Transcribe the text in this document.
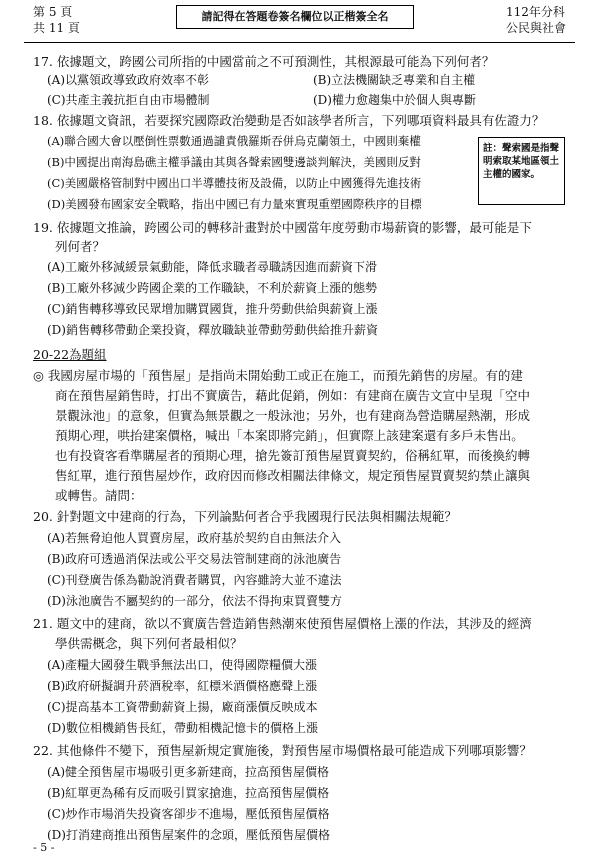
第 5 頁
共 11 頁
請記得在答題卷簽名欄位以正楷簽全名	112年分科
公民與社會
17. 依據題文，跨國公司所指的中國當前之不可預測性，其根源最可能為下列何者？
(A)以黨領政導致政府效率不彰	(B)立法機關缺乏專業和自主權
(C)共產主義抗拒自由市場體制	(D)權力愈趨集中於個人與專斷
18. 依據題文資訊，若要探究國際政治變動是否如該學者所言，下列哪項資料最具有佐證力？
(A)聯合國大會以壓倒性票數通過譴責俄羅斯吞併烏克蘭領土，中國則棄權
(B)中國提出南海島礁主權爭議由其與各聲索國雙邊談判解決，美國則反對
(C)美國嚴格管制對中國出口半導體技術及設備，以防止中國獲得先進技術
(D)美國發布國家安全戰略，指出中國已有力量來實現重塑國際秩序的目標
註：聲索國是指聲明索取某地區領土主權的國家。
19. 依據題文推論，跨國公司的轉移計畫對於中國當年度勞動市場薪資的影響，最可能是下
列何者？
(A)工廠外移減緩景氣動能，降低求職者尋職誘因進而薪資下滑
(B)工廠外移減少跨國企業的工作職缺，不利於薪資上漲的態勢
(C)銷售轉移導致民眾增加購買國貨，推升勞動供給與薪資上漲
(D)銷售轉移帶動企業投資，釋放職缺並帶動勞動供給推升薪資
20-22為題組
◎ 我國房屋市場的「預售屋」是指尚未開始動工或正在施工，而預先銷售的房屋。有的建
商在預售屋銷售時，打出不實廣告，藉此促銷，例如：有建商在廣告文宣中呈現「空中
景觀泳池」的意象，但實為無景觀之一般泳池；另外，也有建商為營造購屋熱潮，形成
預期心理，哄抬建案價格，喊出「本案即將完銷」，但實際上該建案還有多戶未售出。
也有投資客看準購屋者的預期心理，搶先簽訂預售屋買賣契約，俗稱紅單，而後換約轉
售紅單，進行預售屋炒作，政府因而修改相關法律條文，規定預售屋買賣契約禁止讓與
或轉售。請問：
20. 針對題文中建商的行為，下列論點何者合乎我國現行民法與相關法規範？
(A)若無脅迫他人買賣房屋，政府基於契約自由無法介入
(B)政府可透過消保法或公平交易法管制建商的泳池廣告
(C)刊登廣告係為勸說消費者購買，內容雖誇大並不違法
(D)泳池廣告不屬契約的一部分，依法不得拘束買賣雙方
21. 題文中的建商，欲以不實廣告營造銷售熱潮來使預售屋價格上漲的作法，其涉及的經濟
學供需概念，與下列何者最相似？
(A)產糧大國發生戰爭無法出口，使得國際糧價大漲
(B)政府研擬調升菸酒稅率，紅標米酒價格應聲上漲
(C)提高基本工資帶動薪資上揚，廠商漲價反映成本
(D)數位相機銷售長紅，帶動相機記憶卡的價格上漲
22. 其他條件不變下，預售屋新規定實施後，對預售屋市場價格最可能造成下列哪項影響？
(A)健全預售屋市場吸引更多新建商，拉高預售屋價格
(B)紅單更為稀有反而吸引買家搶進，拉高預售屋價格
(C)炒作市場消失投資客卻步不進場，壓低預售屋價格
(D)打消建商推出預售屋案件的念頭，壓低預售屋價格
- 5 -
